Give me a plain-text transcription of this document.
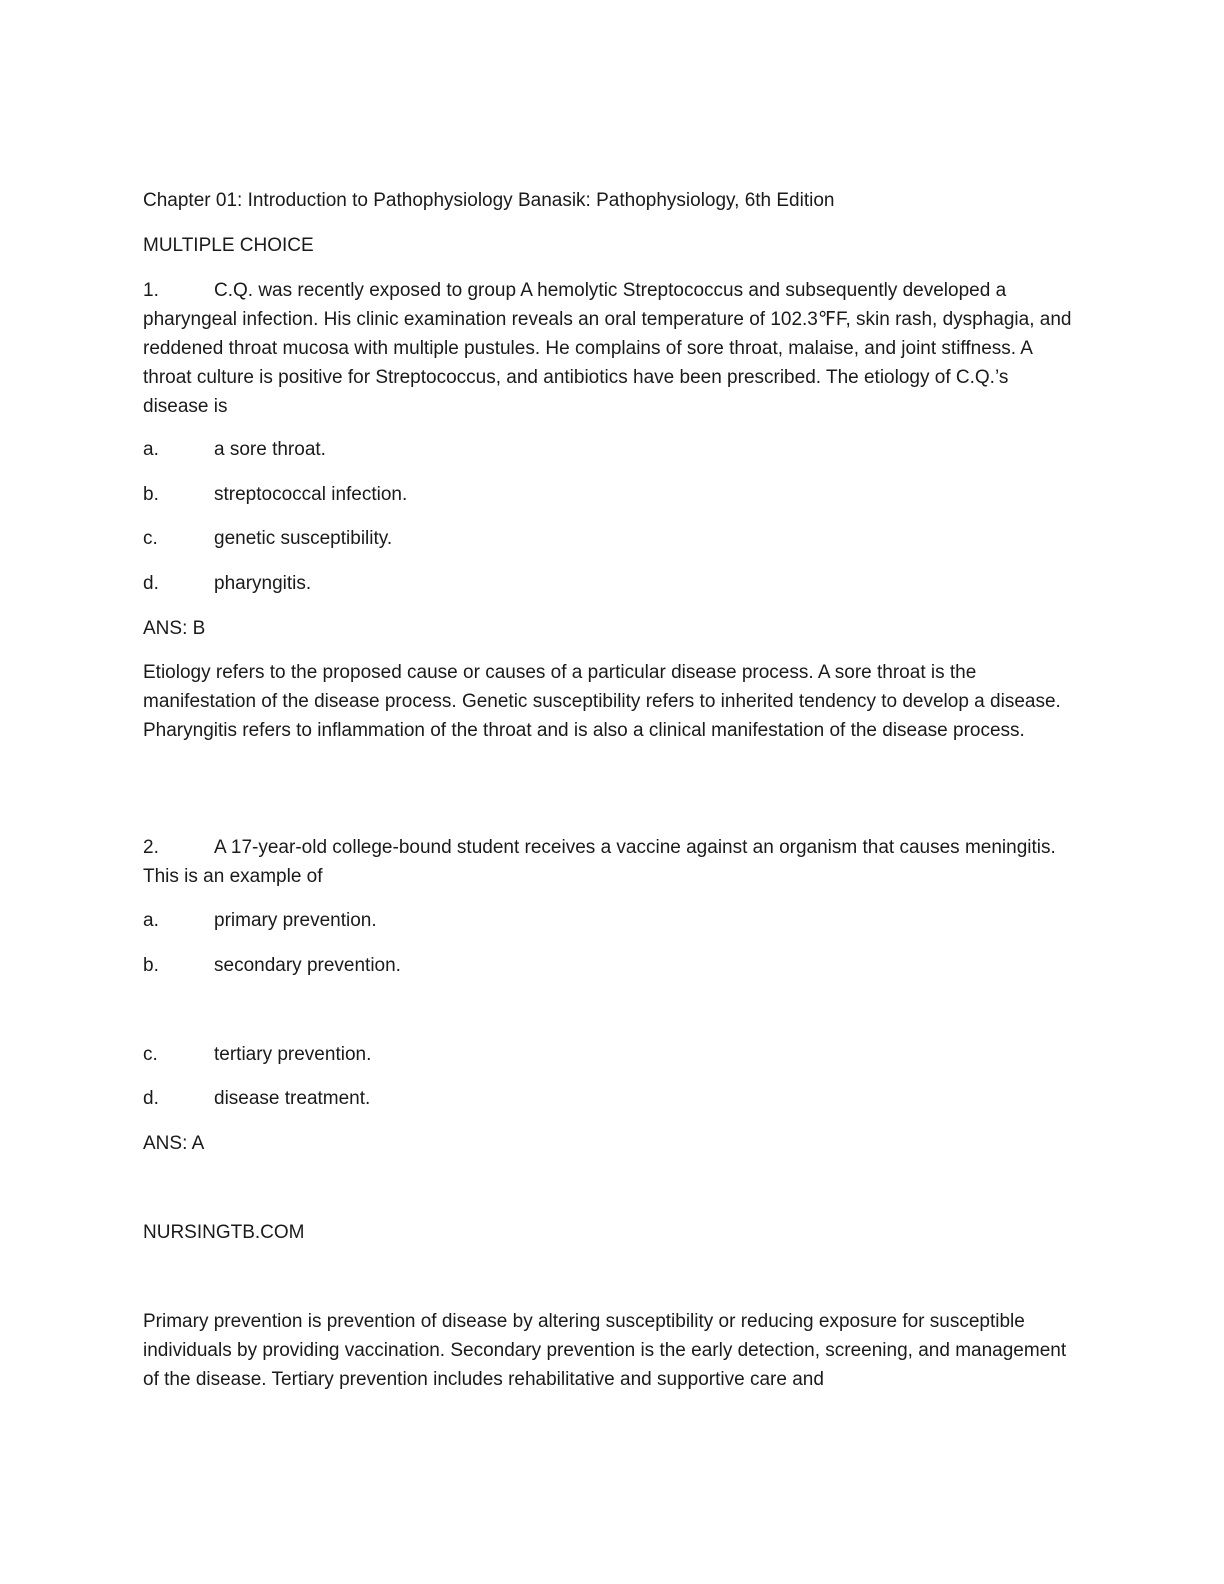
Chapter 01: Introduction to Pathophysiology Banasik: Pathophysiology, 6th Edition
MULTIPLE CHOICE
1.	C.Q. was recently exposed to group A hemolytic Streptococcus and subsequently developed a pharyngeal infection. His clinic examination reveals an oral temperature of 102.3℉F, skin rash, dysphagia, and reddened throat mucosa with multiple pustules. He complains of sore throat, malaise, and joint stiffness. A throat culture is positive for Streptococcus, and antibiotics have been prescribed. The etiology of C.Q.’s disease is
a.	a sore throat.
b.	streptococcal infection.
c.	genetic susceptibility.
d.	pharyngitis.
ANS: B
Etiology refers to the proposed cause or causes of a particular disease process. A sore throat is the manifestation of the disease process. Genetic susceptibility refers to inherited tendency to develop a disease. Pharyngitis refers to inflammation of the throat and is also a clinical manifestation of the disease process.
2.	A 17-year-old college-bound student receives a vaccine against an organism that causes meningitis. This is an example of
a.	primary prevention.
b.	secondary prevention.
c.	tertiary prevention.
d.	disease treatment.
ANS: A
NURSINGTB.COM
Primary prevention is prevention of disease by altering susceptibility or reducing exposure for susceptible individuals by providing vaccination. Secondary prevention is the early detection, screening, and management of the disease. Tertiary prevention includes rehabilitative and supportive care and
